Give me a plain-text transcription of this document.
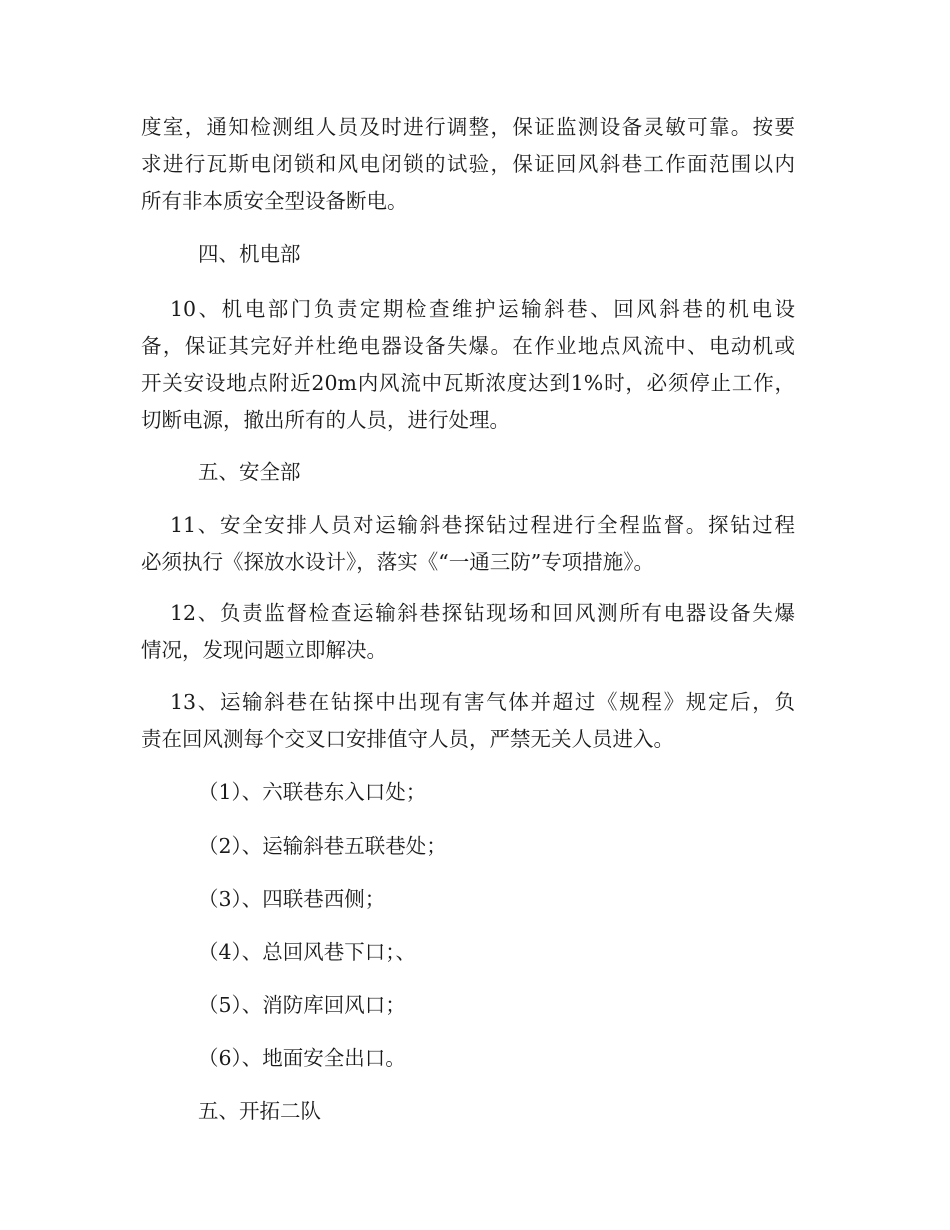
度室，通知检测组人员及时进行调整，保证监测设备灵敏可靠。按要
求进行瓦斯电闭锁和风电闭锁的试验，保证回风斜巷工作面范围以内
所有非本质安全型设备断电。
四、机电部
10、机电部门负责定期检查维护运输斜巷、回风斜巷的机电设
备，保证其完好并杜绝电器设备失爆。在作业地点风流中、电动机或
开关安设地点附近20m内风流中瓦斯浓度达到1%时，必须停止工作，
切断电源，撤出所有的人员，进行处理。
五、安全部
11、安全安排人员对运输斜巷探钻过程进行全程监督。探钻过程
必须执行《探放水设计》，落实《“一通三防”专项措施》。
12、负责监督检查运输斜巷探钻现场和回风测所有电器设备失爆
情况，发现问题立即解决。
13、运输斜巷在钻探中出现有害气体并超过《规程》规定后，负
责在回风测每个交叉口安排值守人员，严禁无关人员进入。
（1）、六联巷东入口处；
（2）、运输斜巷五联巷处；
（3）、四联巷西侧；
（4）、总回风巷下口；、
（5）、消防库回风口；
（6）、地面安全出口。
五、开拓二队
